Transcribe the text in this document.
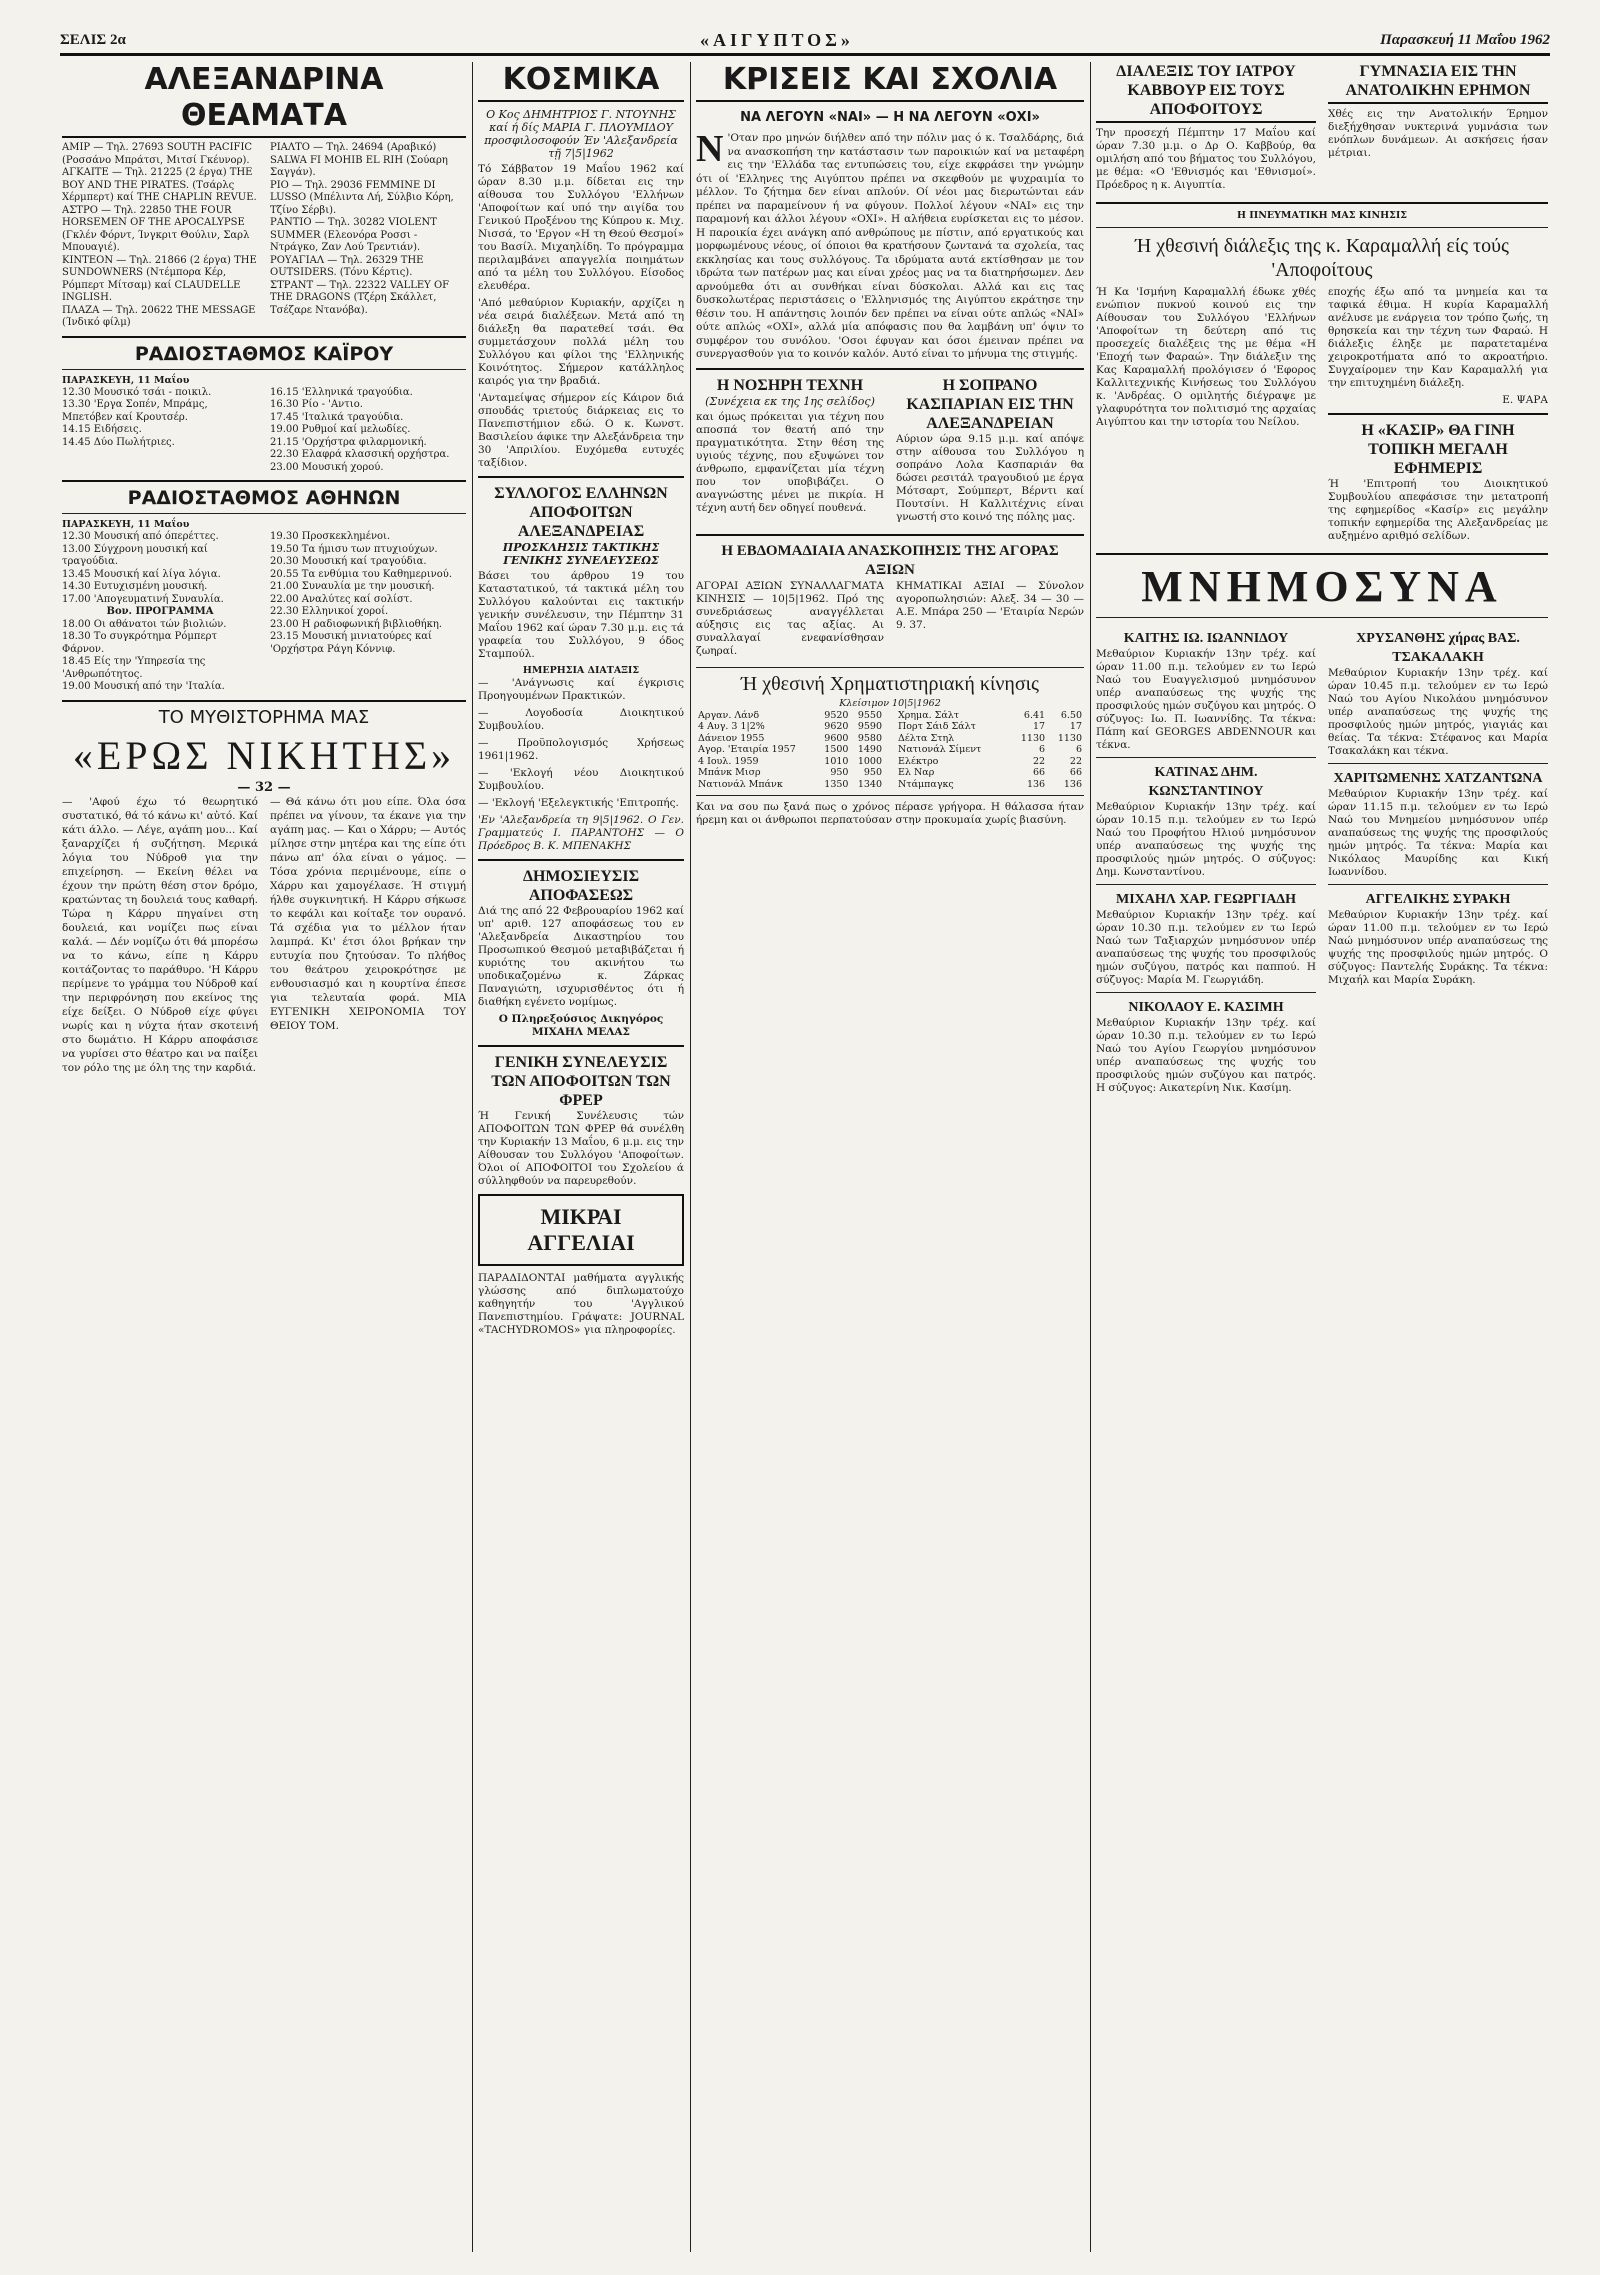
ΣΕΛΙΣ 2α	«ΑΙΓΥΠΤΟΣ»	Παρασκευή 11 Μαΐου 1962
ΑΛΕΞΑΝΔΡΙΝΑ ΘΕΑΜΑΤΑ
ΑΜΙΡ — Τηλ. 27693 SOUTH PACIFIC (Ροσσάνο Μπράτσι, Μιτσί Γκέυνορ).
ΑΓΚΑΙΤΕ — Τηλ. 21225 (2 έργα) THE BOY AND THE PIRATES. (Τσάρλς Χέρμπερτ) καί THE CHAPLIN REVUE.
ΑΣΤΡΟ — Τηλ. 22850 THE FOUR HORSEMEN OF THE APOCALYPSE (Γκλέν Φόρντ, Ίνγκριτ Θούλιν, Σαρλ Μπουαγιέ).
ΚΙΝΤΕΟΝ — Τηλ. 21866 (2 έργα) THE SUNDOWNERS (Ντέμπορα Κέρ, Ρόμπερτ Μίτσαμ) καί CLAUDELLE INGLISH.
ΠΛΑΖΑ — Τηλ. 20622 THE MESSAGE (Ίνδικό φίλμ)
ΡΙΑΛΤΟ — Τηλ. 24694 (Αραβικό) SALWA FI MOHIB EL RIH (Σούαρη Σαγγάν).
ΡΙΟ — Τηλ. 29036 FEMMINE DI LUSSO (Μπέλιντα Λή, Σύλβιο Κόρη, Τζίνο Σέρβι).
ΡΑΝΤΙΟ — Τηλ. 30282 VIOLENT SUMMER (Ελεονόρα Ροσσι - Ντράγκο, Ζαν Λού Τρεντιάν).
ΡΟΥΑΓΙΑΛ — Τηλ. 26329 THE OUTSIDERS. (Τόνυ Κέρτις).
ΣΤΡΑΝΤ — Τηλ. 22322 VALLEY OF THE DRAGONS (Τζέρη Σκάλλετ, Τσέζαρε Ντανόβα).
ΡΑΔΙΟΣΤΑΘΜΟΣ ΚΑΪΡΟΥ
ΠΑΡΑΣΚΕΥΗ, 11 Μαΐου
12.30 Μουσικό τσάι - ποικιλ.
13.30 'Εργα Σοπέν, Μπράμς, Μπετόβεν καί Κρουτσέρ.
14.15 Ειδήσεις.
14.45 Δύο Πωλήτριες.
16.15 'Ελληνικά τραγούδια.
16.30 Ρίο - 'Αντιο.
17.45 'Ιταλικά τραγούδια.
19.00 Ρυθμοί καί μελωδίες.
21.15 'Ορχήστρα φιλαρμονική.
22.30 Ελαφρά κλασσική ορχήστρα.
23.00 Μουσική χορού.
ΡΑΔΙΟΣΤΑΘΜΟΣ ΑΘΗΝΩΝ
ΠΑΡΑΣΚΕΥΗ, 11 Μαΐου
12.30 Μουσική από όπερέττες.
13.00 Σύγχρονη μουσική καί τραγούδια.
13.45 Μουσική καί λίγα λόγια.
14.30 Ευτυχισμένη μουσική.
17.00 'Απογευματινή Συναυλία.
Βον. ΠΡΟΓΡΑΜΜΑ
18.00 Οι αθάνατοι τών βιολιών.
18.30 Το συγκρότημα Ρόμπερτ Φάρνον.
18.45 Είς την 'Υπηρεσία της 'Ανθρωπότητος.
19.00 Μουσική από την 'Ιταλία.
19.30 Προσκεκλημένοι.
19.50 Τα ήμισυ των πτυχιούχων.
20.30 Μουσική καί τραγούδια.
20.55 Τα ενθύμια του Καθημερινού.
21.00 Συναυλία με την μουσική.
22.00 Αναλύτες καί σολίστ.
22.30 Ελληνικοί χοροί.
23.00 Η ραδιοφωνική βιβλιοθήκη.
23.15 Μουσική μινιατούρες καί 'Ορχήστρα Ράγη Κόννιφ.
ΤΟ ΜΥΘΙΣΤΟΡΗΜΑ ΜΑΣ
«ΕΡΩΣ ΝΙΚΗΤΗΣ»
— 32 —
— 'Αφού έχω τό θεωρητικό συστατικό, θά τό κάνω κι' αὐτό. Καί κάτι άλλο. — Λέγε, αγάπη μου... Καί ξαναρχίζει ή συζήτηση. Μερικά λόγια του Νύδροθ για την επιχείρηση. — Εκείνη θέλει να έχουν την πρώτη θέση στον δρόμο, κρατώντας τη δουλειά τους καθαρή. Τώρα η Κάρρυ πηγαίνει στη δουλειά, και νομίζει πως είναι καλά. — Δέν νομίζω ότι θά μπορέσω να το κάνω, είπε η Κάρρυ κοιτάζοντας το παράθυρο. 'Η Κάρρυ περίμενε το γράμμα του Νύδροθ καί την περιφρόνηση που εκείνος της είχε δείξει. Ο Νύδροθ είχε φύγει νωρίς και η νύχτα ήταν σκοτεινή στο δωμάτιο. Η Κάρρυ αποφάσισε να γυρίσει στο θέατρο και να παίξει τον ρόλο της με όλη της την καρδιά.
— Θά κάνω ότι μου είπε. Όλα όσα πρέπει να γίνουν, τα έκανε για την αγάπη μας. — Και ο Χάρρυ; — Αυτός μίλησε στην μητέρα και της είπε ότι πάνω απ' όλα είναι ο γάμος. — Τόσα χρόνια περιμένουμε, είπε ο Χάρρυ και χαμογέλασε. Ή στιγμή ήλθε συγκινητική. Η Κάρρυ σήκωσε το κεφάλι και κοίταξε τον ουρανό. Τά σχέδια για το μέλλον ήταν λαμπρά. Κι' έτσι όλοι βρήκαν την ευτυχία που ζητούσαν. Το πλήθος του θεάτρου χειροκρότησε με ενθουσιασμό και η κουρτίνα έπεσε για τελευταία φορά. ΜΙΑ ΕΥΓΕΝΙΚΗ ΧΕΙΡΟΝΟΜΙΑ ΤΟΥ ΘΕΙΟΥ ΤΟΜ.
ΚΟΣΜΙΚΑ
Ο Κος ΔΗΜΗΤΡΙΟΣ Γ. ΝΤΟΥΝΗΣ καί ή δίς ΜΑΡΙΑ Γ. ΠΛΟΥΜΙΔΟΥ προσφιλοσοφούν Έν 'Αλεξανδρεία τῇ 7|5|1962
Τό Σάββατον 19 Μαΐου 1962 καί ώραν 8.30 μ.μ. δίδεται εις την αίθουσα του Συλλόγου 'Ελλήνων 'Αποφοίτων καί υπό την αιγίδα του Γενικού Προξένου της Κύπρου κ. Μιχ. Νισσά, το 'Εργον «Η τη Θεού Θεσμοί» του Βασίλ. Μιχαηλίδη. Το πρόγραμμα περιλαμβάνει απαγγελία ποιημάτων από τα μέλη του Συλλόγου. Είσοδος ελευθέρα.
'Από μεθαύριον Κυριακήν, αρχίζει η νέα σειρά διαλέξεων. Μετά από τη διάλεξη θα παρατεθεί τσάι. Θα συμμετάσχουν πολλά μέλη του Συλλόγου και φίλοι της 'Ελληνικής Κοινότητος. Σήμερον κατάλληλος καιρός για την βραδιά.
'Ανταμείψας σήμερον είς Κάιρον διά σπουδάς τριετούς διάρκειας εις το Πανεπιστήμιον εδώ. Ο κ. Κωνστ. Βασιλείου άφικε την Αλεξάνδρεια την 30 'Απριλίου. Ευχόμεθα ευτυχές ταξίδιον.
ΣΥΛΛΟΓΟΣ ΕΛΛΗΝΩΝ ΑΠΟΦΟΙΤΩΝ ΑΛΕΞΑΝΔΡΕΙΑΣ
ΠΡΟΣΚΛΗΣΙΣ ΤΑΚΤΙΚΗΣ ΓΕΝΙΚΗΣ ΣΥΝΕΛΕΥΣΕΩΣ
Βάσει του άρθρου 19 του Καταστατικού, τά τακτικά μέλη του Συλλόγου καλούνται εις τακτικήν γενικήν συνέλευσιν, την Πέμπτην 31 Μαΐου 1962 καί ώραν 7.30 μ.μ. εις τά γραφεία του Συλλόγου, 9 όδος Σταμπούλ.
ΗΜΕΡΗΣΙΑ ΔΙΑΤΑΞΙΣ
— 'Ανάγνωσις καί έγκρισις Προηγουμένων Πρακτικών.
— Λογοδοσία Διοικητικού Συμβουλίου.
— Προϋπολογισμός Χρήσεως 1961|1962.
— 'Εκλογή νέου Διοικητικού Συμβουλίου.
— 'Εκλογή 'Εξελεγκτικής 'Επιτροπής.
'Εν 'Αλεξανδρεία τη 9|5|1962. Ο Γεν. Γραμματεύς Ι. ΠΑΡΑΝΤΟΗΣ — Ο Πρόεδρος Β. Κ. ΜΠΕΝΑΚΗΣ
ΔΗΜΟΣΙΕΥΣΙΣ ΑΠΟΦΑΣΕΩΣ
Διά της από 22 Φεβρουαρίου 1962 καί υπ' αριθ. 127 αποφάσεως του εν 'Αλεξανδρεία Δικαστηρίου του Προσωπικού Θεσμού μεταβιβάζεται ή κυριότης του ακινήτου τω υποδικαζομένω κ. Ζάρκας Παναγιώτη, ισχυρισθέντος ότι ή διαθήκη εγένετο νομίμως.
Ο Πληρεξούσιος Δικηγόρος ΜΙΧΑΗΛ ΜΕΛΑΣ
ΓΕΝΙΚΗ ΣΥΝΕΛΕΥΣΙΣ ΤΩΝ ΑΠΟΦΟΙΤΩΝ ΤΩΝ ΦΡΕΡ
Ή Γενική Συνέλευσις τών ΑΠΟΦΟΙΤΩΝ ΤΩΝ ΦΡΕΡ θά συνέλθη την Κυριακήν 13 Μαΐου, 6 μ.μ. εις την Αίθουσαν του Συλλόγου 'Αποφοίτων. Όλοι οί ΑΠΟΦΟΙΤΟΙ του Σχολείου ά σύλληφθούν να παρευρεθούν.
ΜΙΚΡΑΙ ΑΓΓΕΛΙΑΙ
ΠΑΡΑΔΙΔΟΝΤΑΙ μαθήματα αγγλικής γλώσσης από διπλωματούχο καθηγητήν του 'Αγγλικού Πανεπιστημίου. Γράψατε: JOURNAL «TACHYDROMOS» για πληροφορίες.
ΚΡΙΣΕΙΣ ΚΑΙ ΣΧΟΛΙΑ
ΝΑ ΛΕΓΟΥΝ «ΝΑΙ» — Η ΝΑ ΛΕΓΟΥΝ «ΟΧΙ»
N 'Οταν προ μηνών διήλθεν από την πόλιν μας ό κ. Τσαλδάρης, διά να ανασκοπήση την κατάστασιν των παροικιών καί να μεταφέρη εις την 'Ελλάδα τας εντυπώσεις του, είχε εκφράσει την γνώμην ότι οί 'Ελληνες της Αιγύπτου πρέπει να σκεφθούν με ψυχραιμία το μέλλον. Το ζήτημα δεν είναι απλούν. Οί νέοι μας διερωτώνται εάν πρέπει να παραμείνουν ή να φύγουν. Πολλοί λέγουν «ΝΑΙ» εις την παραμονή και άλλοι λέγουν «ΟΧΙ». Η αλήθεια ευρίσκεται εις το μέσον. Η παροικία έχει ανάγκη από ανθρώπους με πίστιν, από εργατικούς και μορφωμένους νέους, οί όποιοι θα κρατήσουν ζωντανά τα σχολεία, τας εκκλησίας και τους συλλόγους. Τα ιδρύματα αυτά εκτίσθησαν με τον ιδρώτα των πατέρων μας και είναι χρέος μας να τα διατηρήσωμεν. Δεν αρνούμεθα ότι αι συνθήκαι είναι δύσκολαι. Αλλά και εις τας δυσκολωτέρας περιστάσεις ο 'Ελληνισμός της Αιγύπτου εκράτησε την θέσιν του. Η απάντησις λοιπόν δεν πρέπει να είναι ούτε απλώς «ΝΑΙ» ούτε απλώς «ΟΧΙ», αλλά μία απόφασις που θα λαμβάνη υπ' όψιν το συμφέρον του συνόλου. 'Οσοι έφυγαν και όσοι έμειναν πρέπει να συνεργασθούν για το κοινόν καλόν. Αυτό είναι το μήνυμα της στιγμής.
Η ΝΟΣΗΡΗ ΤΕΧΝΗ
(Συνέχεια εκ της 1ης σελίδος)
και όμως πρόκειται για τέχνη που αποσπά τον θεατή από την πραγματικότητα. Στην θέση της υγιούς τέχνης, που εξυψώνει τον άνθρωπο, εμφανίζεται μία τέχνη που τον υποβιβάζει. Ο αναγνώστης μένει με πικρία. Η τέχνη αυτή δεν οδηγεί πουθενά.
Η ΣΟΠΡΑΝΟ ΚΑΣΠΑΡΙΑΝ ΕΙΣ ΤΗΝ ΑΛΕΞΑΝΔΡΕΙΑΝ
Αύριον ώρα 9.15 μ.μ. καί απόψε στην αίθουσα του Συλλόγου η σοπράνο Λολα Κασπαριάν θα δώσει ρεσιτάλ τραγουδιού με έργα Μότσαρτ, Σούμπερτ, Βέρντι καί Πουτσίνι. Η Καλλιτέχνις είναι γνωστή στο κοινό της πόλης μας.
Η ΕΒΔΟΜΑΔΙΑΙΑ ΑΝΑΣΚΟΠΗΣΙΣ ΤΗΣ ΑΓΟΡΑΣ ΑΞΙΩΝ
ΑΓΟΡΑΙ ΑΞΙΩΝ ΣΥΝΑΛΛΑΓΜΑΤΑ ΚΙΝΗΣΙΣ — 10|5|1962. Πρό της συνεδριάσεως αναγγέλλεται αύξησις εις τας αξίας. Αι συναλλαγαί ενεφανίσθησαν ζωηραί.
ΚΗΜΑΤΙΚΑΙ ΑΞΙΑΙ — Σύνολον αγοροπωλησιών: Αλεξ. 34 — 30 — Α.Ε. Μπάρα 250 — 'Εταιρία Νερών 9. 37.
Ή χθεσινή Χρηματιστηριακή κίνησις
Κλείσιμον 10|5|1962
Αργαν. Λάνδ	9520	9550
4 Αυγ. 3 1|2%	9620	9590
Δάνειον 1955	9600	9580
Αγορ. 'Εταιρία 1957	1500	1490
4 Ιουλ. 1959	1010	1000
Μπάνκ Μισρ	950	950
Νατιονάλ Μπάνκ	1350	1340
Χρημα. Σάλτ	6.41	6.50
Πορτ Σάιδ Σάλτ	17	17
Δέλτα Στηλ	1130	1130
Νατιονάλ Σίμεντ	6	6
Ελέκτρο	22	22
Ελ Ναρ	66	66
Ντάμπαγκς	136	136
Και να σου πω ξανά πως ο χρόνος πέρασε γρήγορα. Η θάλασσα ήταν ήρεμη και οι άνθρωποι περπατούσαν στην προκυμαία χωρίς βιασύνη.
ΔΙΑΛΕΞΙΣ ΤΟΥ ΙΑΤΡΟΥ ΚΑΒΒΟΥΡ ΕΙΣ ΤΟΥΣ ΑΠΟΦΟΙΤΟΥΣ
Την προσεχή Πέμπτην 17 Μαΐου καί ώραν 7.30 μ.μ. ο Δρ Ο. Καββούρ, θα ομιλήση από του βήματος του Συλλόγου, με θέμα: «Ο 'Εθνισμός και 'Εθνισμοί». Πρόεδρος η κ. Αιγυπτία.
ΓΥΜΝΑΣΙΑ ΕΙΣ ΤΗΝ ΑΝΑΤΟΛΙΚΗΝ ΕΡΗΜΟΝ
Χθές εις την Ανατολικήν Έρημον διεξήχθησαν νυκτερινά γυμνάσια των ενόπλων δυνάμεων. Αι ασκήσεις ήσαν μέτριαι.
Η ΠΝΕΥΜΑΤΙΚΗ ΜΑΣ ΚΙΝΗΣΙΣ
Ή χθεσινή διάλεξις της κ. Καραμαλλή είς τούς 'Αποφοίτους
Ή Κα 'Ισμήνη Καραμαλλή έδωκε χθές ενώπιον πυκνού κοινού εις την Αίθουσαν του Συλλόγου 'Ελλήνων 'Αποφοίτων τη δεύτερη από τις προσεχείς διαλέξεις της με θέμα «Η 'Εποχή των Φαραώ». Την διάλεξιν της Κας Καραμαλλή προλόγισεν ό 'Εφορος Καλλιτεχνικής Κινήσεως του Συλλόγου κ. 'Ανδρέας. Ο ομιλητής διέγραψε με γλαφυρότητα τον πολιτισμό της αρχαίας Αιγύπτου και την ιστορία του Νείλου.
εποχής έξω από τα μνημεία και τα ταφικά έθιμα. Η κυρία Καραμαλλή ανέλυσε με ενάργεια τον τρόπο ζωής, τη θρησκεία και την τέχνη των Φαραώ. Η διάλεξις έληξε με παρατεταμένα χειροκροτήματα από το ακροατήριο. Συγχαίρομεν την Καν Καραμαλλή για την επιτυχημένη διάλεξη.
Ε. ΨΑΡΑ
Η «ΚΑΣΙΡ» ΘΑ ΓΙΝΗ ΤΟΠΙΚΗ ΜΕΓΑΛΗ ΕΦΗΜΕΡΙΣ
Ή 'Επιτροπή του Διοικητικού Συμβουλίου απεφάσισε την μετατροπή της εφημερίδος «Κασίρ» εις μεγάλην τοπικήν εφημερίδα της Αλεξανδρείας με αυξημένο αριθμό σελίδων.
ΜΝΗΜΟΣΥΝΑ
ΚΑΙΤΗΣ ΙΩ. ΙΩΑΝΝΙΔΟΥ
Μεθαύριον Κυριακήν 13ην τρέχ. καί ώραν 11.00 π.μ. τελούμεν εν τω Ιερώ Ναώ του Ευαγγελισμού μνημόσυνον υπέρ αναπαύσεως της ψυχής της προσφιλούς ημών συζύγου και μητρός. Ο σύζυγος: Ιω. Π. Ιωαννίδης. Τα τέκνα: Πάπη καί GEORGES ABDENNOUR και τέκνα.
ΚΑΤΙΝΑΣ ΔΗΜ. ΚΩΝΣΤΑΝΤΙΝΟΥ
Μεθαύριον Κυριακήν 13ην τρέχ. καί ώραν 10.15 π.μ. τελούμεν εν τω Ιερώ Ναώ του Προφήτου Ηλιού μνημόσυνον υπέρ αναπαύσεως της ψυχής της προσφιλούς ημών μητρός. Ο σύζυγος: Δημ. Κωνσταντίνου.
ΜΙΧΑΗΛ ΧΑΡ. ΓΕΩΡΓΙΑΔΗ
Μεθαύριον Κυριακήν 13ην τρέχ. καί ώραν 10.30 π.μ. τελούμεν εν τω Ιερώ Ναώ των Ταξιαρχών μνημόσυνον υπέρ αναπαύσεως της ψυχής του προσφιλούς ημών συζύγου, πατρός και παππού. Η σύζυγος: Μαρία Μ. Γεωργιάδη.
ΝΙΚΟΛΑΟΥ Ε. ΚΑΣΙΜΗ
Μεθαύριον Κυριακήν 13ην τρέχ. καί ώραν 10.30 π.μ. τελούμεν εν τω Ιερώ Ναώ του Αγίου Γεωργίου μνημόσυνον υπέρ αναπαύσεως της ψυχής του προσφιλούς ημών συζύγου και πατρός. Η σύζυγος: Αικατερίνη Νικ. Κασίμη.
ΧΡΥΣΑΝΘΗΣ χήρας ΒΑΣ. ΤΣΑΚΑΛΑΚΗ
Μεθαύριον Κυριακήν 13ην τρέχ. καί ώραν 10.45 π.μ. τελούμεν εν τω Ιερώ Ναώ του Αγίου Νικολάου μνημόσυνον υπέρ αναπαύσεως της ψυχής της προσφιλούς ημών μητρός, γιαγιάς και θείας. Τα τέκνα: Στέφανος και Μαρία Τσακαλάκη και τέκνα.
ΧΑΡΙΤΩΜΕΝΗΣ ΧΑΤΖΑΝΤΩΝΑ
Μεθαύριον Κυριακήν 13ην τρέχ. καί ώραν 11.15 π.μ. τελούμεν εν τω Ιερώ Ναώ του Μνημείου μνημόσυνον υπέρ αναπαύσεως της ψυχής της προσφιλούς ημών μητρός. Τα τέκνα: Μαρία και Νικόλαος Μαυρίδης και Κική Ιωαννίδου.
ΑΓΓΕΛΙΚΗΣ ΣΥΡΑΚΗ
Μεθαύριον Κυριακήν 13ην τρέχ. καί ώραν 11.00 π.μ. τελούμεν εν τω Ιερώ Ναώ μνημόσυνον υπέρ αναπαύσεως της ψυχής της προσφιλούς ημών μητρός. Ο σύζυγος: Παντελής Συράκης. Τα τέκνα: Μιχαήλ και Μαρία Συράκη.
